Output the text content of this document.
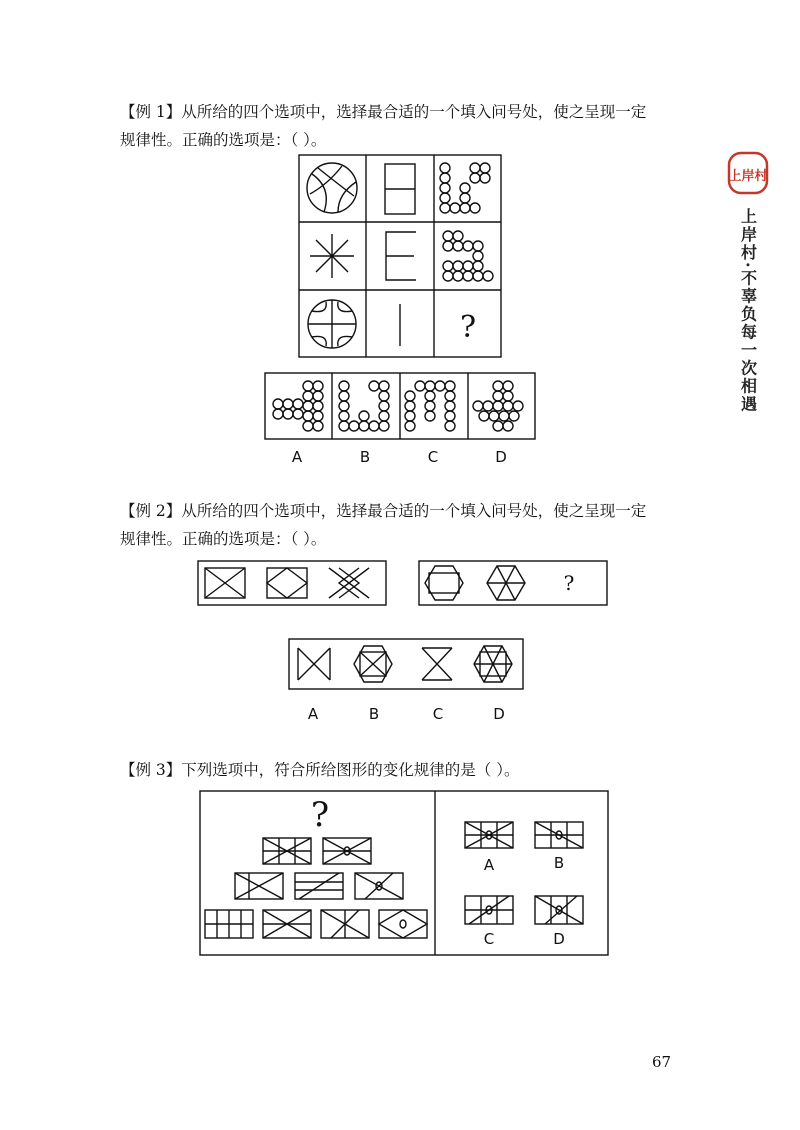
上岸村
上岸村·不辜负每一次相遇
【例 1】从所给的四个选项中，选择最合适的一个填入问号处，使之呈现一定
规律性。正确的选项是：（ ）。
?
A	B	C	D
【例 2】从所给的四个选项中，选择最合适的一个填入问号处，使之呈现一定
规律性。正确的选项是：（ ）。
?
A	B	C	D
【例 3】下列选项中，符合所给图形的变化规律的是（ ）。
?
A	B
C	D
67
